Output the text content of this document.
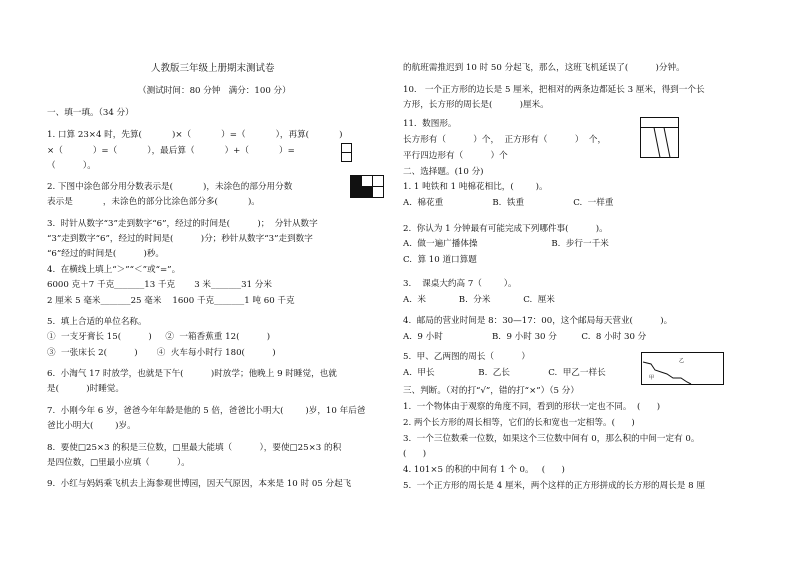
人教版三年级上册期末测试卷
（测试时间：80 分钟   满分：100 分）
一、填一填。（34 分）
1. 口算 23×4 时，先算(           )×（           ）=（           ），再算(           )
×（           ）=（           ），最后算（           ）+（           ）=
（          ）。
2. 下图中涂色部分用分数表示是(           )，未涂色的部分用分数
表示是           ，未涂色的部分比涂色部分多(           )。
3.  时针从数字“3”走到数字“6”，经过的时间是(          )；  分针从数字
“3”走到数字“6”，经过的时间是(          )分；秒针从数字“3”走到数字
“6”经过的时间是(          )秒。
4.  在横线上填上“＞”“＜”或“=”。
6000 克＋7 千克_______13 千克       3 米_______31 分米
2 厘米 5 毫米_______25 毫米    1600 千克_______1 吨 60 千克
5.  填上合适的单位名称。
①  一支牙膏长 15(          )     ②  一箱香蕉重 12(          )
③  一张床长 2(          )       ④  火车每小时行 180(          )
6.  小淘气 17 时放学，也就是下午(          )时放学；他晚上 9 时睡觉，也就
是(          )时睡觉。
7.  小刚今年 6 岁，爸爸今年年龄是他的 5 倍，爸爸比小明大(        )岁，10 年后爸
爸比小明大(        )岁。
8.  要使□25×3 的积是三位数，□里最大能填（          ），要使□25×3 的积
是四位数，□里最小应填（          ）。
9.  小红与妈妈乘飞机去上海参观世博园，因天气原因，本来是 10 时 05 分起飞
的航班需推迟到 10 时 50 分起飞，那么，这班飞机延误了(          )分钟。
10.   一个正方形的边长是 5 厘米，把相对的两条边都延长 3 厘米，得到一个长
方形，长方形的周长是(          )厘米。
11.  数图形。
长方形有（          ）个，  正方形有（          ）  个，
平行四边形有（          ）个
二、选择题。(10 分)
1. 1 吨铁和 1 吨棉花相比，(        )。
A.  棉花重                  B.  铁重                  C.  一样重
2.  你认为 1 分钟最有可能完成下列哪件事(          )。
A.  做一遍广播体操                           B.  步行一千米
C.  算 10 道口算题
3.    课桌大约高 7（        ）。
A.  米            B.  分米            C.  厘米
4.  邮局的营业时间是 8：30—17：00，这个邮局每天营业(          )。
A.  9 小时                  B.  9 小时 30 分         C.  8 小时 30 分
5.  甲、乙两图的周长（          ）
A.  甲长                B.  乙长              C.  甲乙一样长
乙
甲
三、判断。（对的打“√”，错的打“×”）（5 分）
1.  一个物体由于观察的角度不同，看到的形状一定也不同。  (      )
2. 两个长方形的周长相等，它们的长和宽也一定相等。(      )
3.  一个三位数乘一位数，如果这个三位数中间有 0，那么积的中间一定有 0。
(      )
4. 101×5 的积的中间有 1 个 0。   (      )
5.  一个正方形的周长是 4 厘米，两个这样的正方形拼成的长方形的周长是 8 厘
